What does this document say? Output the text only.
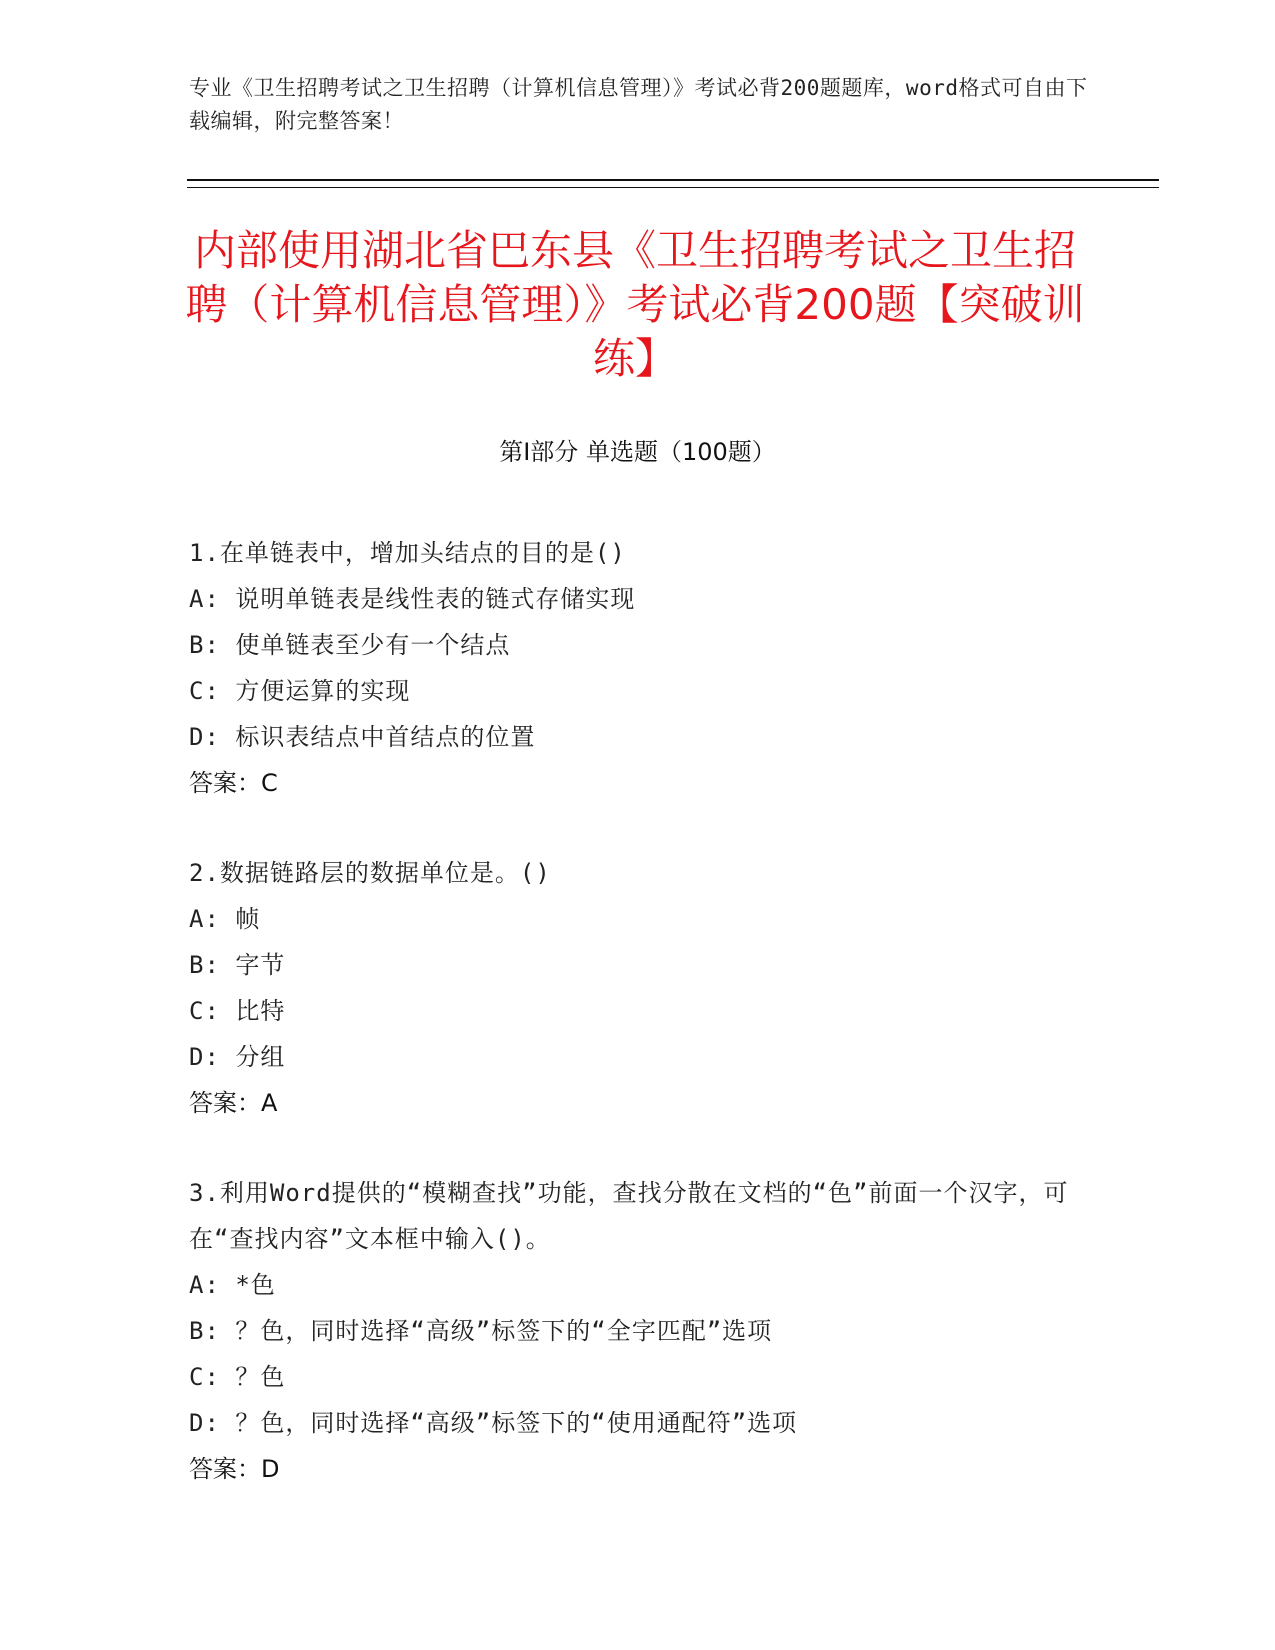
专业《卫生招聘考试之卫生招聘（计算机信息管理）》考试必背200题题库，word格式可自由下载编辑，附完整答案！
内部使用湖北省巴东县《卫生招聘考试之卫生招聘（计算机信息管理）》考试必背200题【突破训练】
第Ⅰ部分 单选题（100题）
1.在单链表中，增加头结点的目的是()
A: 说明单链表是线性表的链式存储实现
B: 使单链表至少有一个结点
C: 方便运算的实现
D: 标识表结点中首结点的位置
答案：C
2.数据链路层的数据单位是。()
A: 帧
B: 字节
C: 比特
D: 分组
答案：A
3.利用Word提供的“模糊查找”功能，查找分散在文档的“色”前面一个汉字，可在“查找内容”文本框中输入()。
A: *色
B: ？色，同时选择“高级”标签下的“全字匹配”选项
C: ？色
D: ？色，同时选择“高级”标签下的“使用通配符”选项
答案：D
